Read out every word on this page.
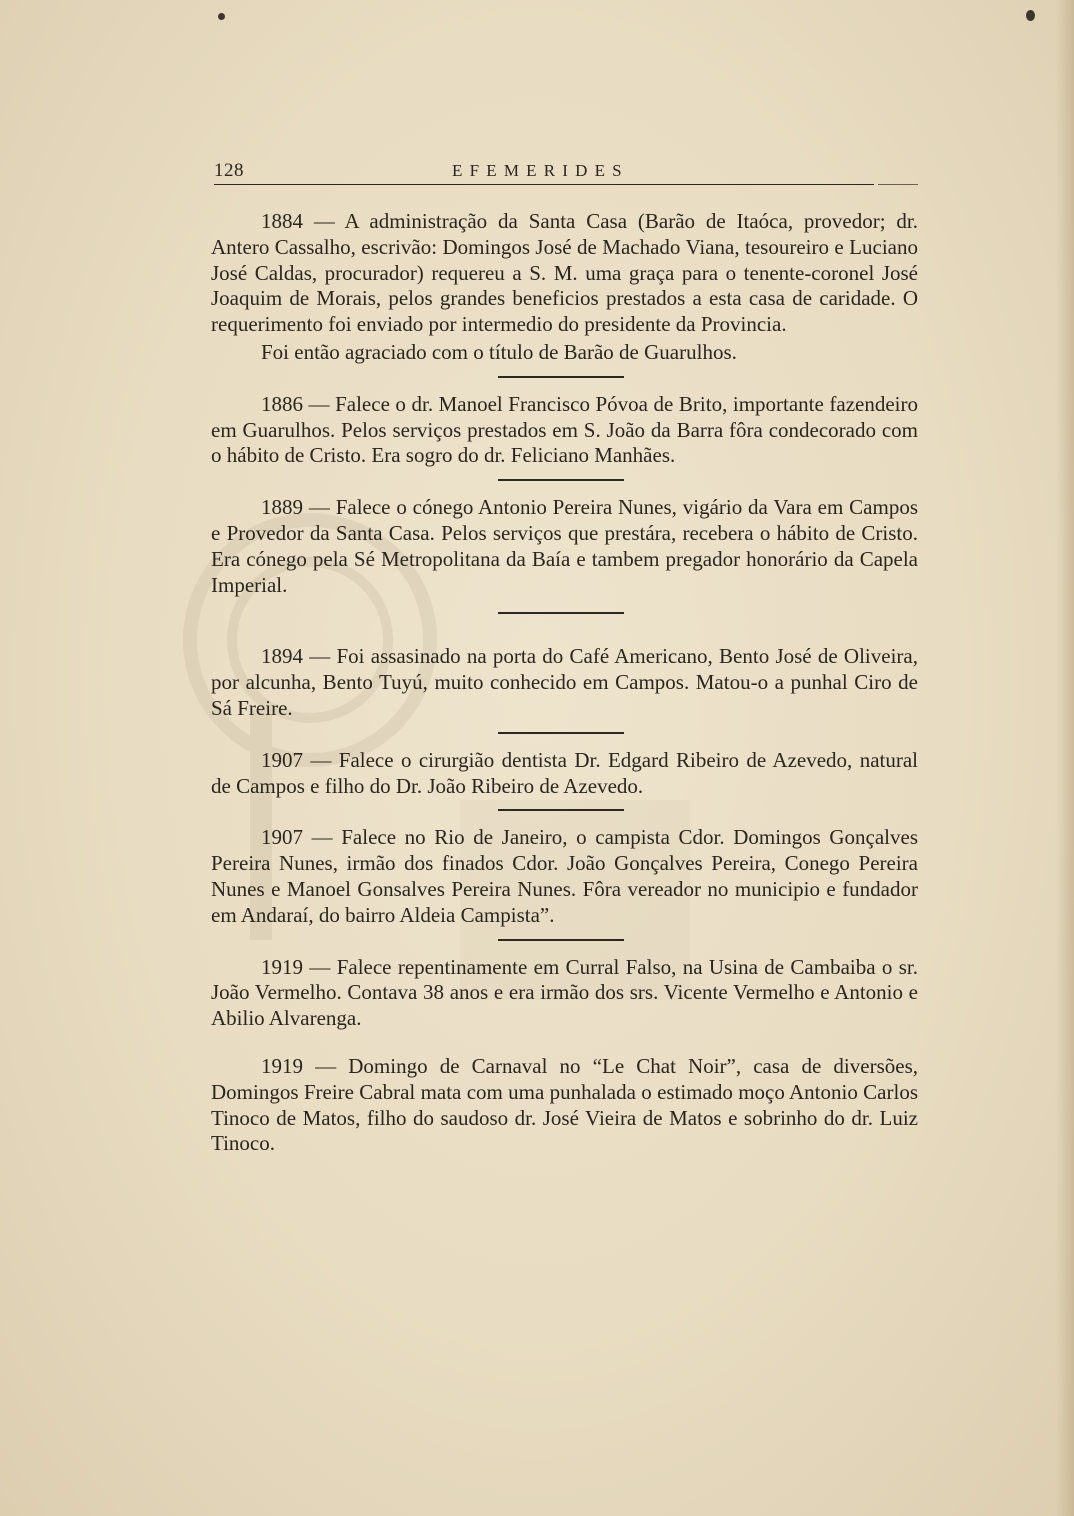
128	EFEMERIDES

1884 — A administração da Santa Casa (Barão de Itaóca, provedor; dr. Antero Cassalho, escrivão: Domingos José de Machado Viana, tesoureiro e Luciano José Caldas, procurador) requereu a S. M. uma graça para o tenente-coronel José Joaquim de Morais, pelos grandes beneficios prestados a esta casa de caridade. O requerimento foi enviado por intermedio do presidente da Provincia.

Foi então agraciado com o título de Barão de Guarulhos.

1886 — Falece o dr. Manoel Francisco Póvoa de Brito, importante fazendeiro em Guarulhos. Pelos serviços prestados em S. João da Barra fôra condecorado com o hábito de Cristo. Era sogro do dr. Feliciano Manhães.

1889 — Falece o cónego Antonio Pereira Nunes, vigário da Vara em Campos e Provedor da Santa Casa. Pelos serviços que prestára, recebera o hábito de Cristo. Era cónego pela Sé Metropolitana da Baía e tambem pregador honorário da Capela Imperial.

1894 — Foi assasinado na porta do Café Americano, Bento José de Oliveira, por alcunha, Bento Tuyú, muito conhecido em Campos. Matou-o a punhal Ciro de Sá Freire.

1907 — Falece o cirurgião dentista Dr. Edgard Ribeiro de Azevedo, natural de Campos e filho do Dr. João Ribeiro de Azevedo.

1907 — Falece no Rio de Janeiro, o campista Cdor. Domingos Gonçalves Pereira Nunes, irmão dos finados Cdor. João Gonçalves Pereira, Conego Pereira Nunes e Manoel Gonsalves Pereira Nunes. Fôra vereador no municipio e fundador em Andaraí, do bairro Aldeia Campista”.

1919 — Falece repentinamente em Curral Falso, na Usina de Cambaiba o sr. João Vermelho. Contava 38 anos e era irmão dos srs. Vicente Vermelho e Antonio e Abilio Alvarenga.

1919 — Domingo de Carnaval no “Le Chat Noir”, casa de diversões, Domingos Freire Cabral mata com uma punhalada o estimado moço Antonio Carlos Tinoco de Matos, filho do saudoso dr. José Vieira de Matos e sobrinho do dr. Luiz Tinoco.
